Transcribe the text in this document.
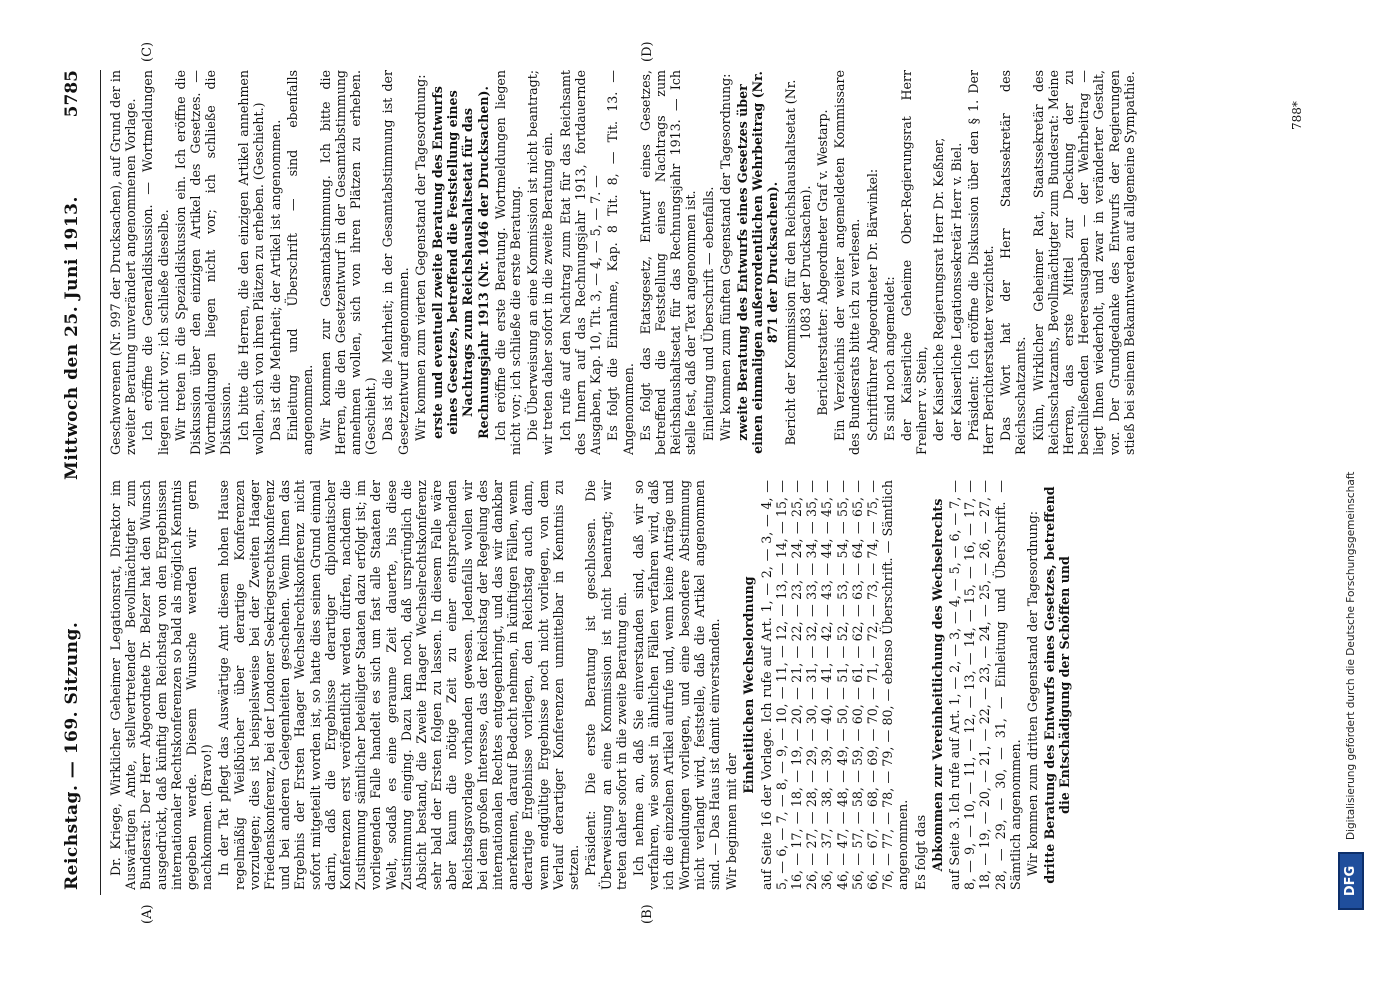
Reichstag. — 169. Sitzung.
Mittwoch den 25. Juni 1913.
5785
(A)	(B)
(C)	(D)

Dr. Kriege, Wirklicher Geheimer Legationsrat, Direktor im Auswärtigen Amte, stellvertretender Bevollmächtigter zum Bundesrat: Der Herr Abgeordnete Dr. Belzer hat den Wunsch ausgedrückt, daß künftig dem Reichstag von den Ergebnissen internationaler Rechtskonferenzen so bald als möglich Kenntnis gegeben werde. Diesem Wunsche werden wir gern nachkommen. (Bravo!) In der Tat pflegt das Auswärtige Amt diesem hohen Hause regelmäßig Weißbücher über derartige Konferenzen vorzulegen; dies ist beispielsweise bei der Zweiten Haager Friedenskonferenz, bei der Londoner Seekriegsrechtskonferenz und bei anderen Gelegenheiten geschehen. Wenn Ihnen das Ergebnis der Ersten Haager Wechselrechtskonferenz nicht sofort mitgeteilt worden ist, so hatte dies seinen Grund einmal darin, daß die Ergebnisse derartiger diplomatischer Konferenzen erst veröffentlicht werden dürfen, nachdem die Zustimmung sämtlicher beteiligter Staaten dazu erfolgt ist; im vorliegenden Falle handelt es sich um fast alle Staaten der Welt, sodaß es eine geraume Zeit dauerte, bis diese Zustimmung einging. Dazu kam noch, daß ursprünglich die Absicht bestand, die Zweite Haager Wechselrechtskonferenz sehr bald der Ersten folgen zu lassen. In diesem Falle wäre aber kaum die nötige Zeit zu einer entsprechenden Reichstagsvorlage vorhanden gewesen. Jedenfalls wollen wir bei dem großen Interesse, das der Reichstag der Regelung des internationalen Rechtes entgegenbringt, und das wir dankbar anerkennen, darauf Bedacht nehmen, in künftigen Fällen, wenn derartige Ergebnisse vorliegen, den Reichstag auch dann, wenn endgültige Ergebnisse noch nicht vorliegen, von dem Verlauf derartiger Konferenzen unmittelbar in Kenntnis zu setzen. Präsident: Die erste Beratung ist geschlossen. Die Überweisung an eine Kommission ist nicht beantragt; wir treten daher sofort in die zweite Beratung ein. Ich nehme an, daß Sie einverstanden sind, daß wir so verfahren, wie sonst in ähnlichen Fällen verfahren wird, daß ich die einzelnen Artikel aufrufe und, wenn keine Anträge und Wortmeldungen vorliegen, und eine besondere Abstimmung nicht verlangt wird, feststelle, daß die Artikel angenommen sind. — Das Haus ist damit einverstanden. Wir beginnen mit der

Einheitlichen Wechselordnung auf Seite 16 der Vorlage. Ich rufe auf Art. 1, — 2, — 3, — 4, — 5, — 6, — 7, — 8, — 9, — 10, — 11, — 12, — 13, — 14, — 15, — 16, — 17, — 18, — 19, — 20, — 21, — 22, — 23, — 24, — 25, — 26, — 27, — 28, — 29, — 30, — 31, — 32, — 33, — 34, — 35, — 36, — 37, — 38, — 39, — 40, — 41, — 42, — 43, — 44, — 45, — 46, — 47, — 48, — 49, — 50, — 51, — 52, — 53, — 54, — 55, — 56, — 57, — 58, — 59, — 60, — 61, — 62, — 63, — 64, — 65, — 66, — 67, — 68, — 69, — 70, — 71, — 72, — 73, — 74, — 75, — 76, — 77, — 78, — 79, — 80, — ebenso Überschrift. — Sämtlich angenommen. Es folgt das Abkommen zur Vereinheitlichung des Wechselrechts auf Seite 3. Ich rufe auf Art. 1, — 2, — 3, — 4, — 5, — 6, — 7, — 8, — 9, — 10, — 11, — 12, — 13, — 14, — 15, — 16, — 17, — 18, — 19, — 20, — 21, — 22, — 23, — 24, — 25, — 26, — 27, — 28, — 29, — 30, — 31, — Einleitung und Überschrift. — Sämtlich angenommen. Wir kommen zum dritten Gegenstand der Tagesordnung: dritte Beratung des Entwurfs eines Gesetzes, betreffend die Entschädigung der Schöffen und

Geschworenen (Nr. 997 der Drucksachen), auf Grund der in zweiter Beratung unverändert angenommenen Vorlage. Ich eröffne die Generaldiskussion. — Wortmeldungen liegen nicht vor; ich schließe dieselbe. Wir treten in die Spezialdiskussion ein. Ich eröffne die Diskussion über den einzigen Artikel des Gesetzes. — Wortmeldungen liegen nicht vor; ich schließe die Diskussion. Ich bitte die Herren, die den einzigen Artikel annehmen wollen, sich von ihren Plätzen zu erheben. (Geschieht.) Das ist die Mehrheit; der Artikel ist angenommen. Einleitung und Überschrift — sind ebenfalls angenommen. Wir kommen zur Gesamtabstimmung. Ich bitte die Herren, die den Gesetzentwurf in der Gesamtabstimmung annehmen wollen, sich von ihren Plätzen zu erheben. (Geschieht.) Das ist die Mehrheit; in der Gesamtabstimmung ist der Gesetzentwurf angenommen. Wir kommen zum vierten Gegenstand der Tagesordnung: erste und eventuell zweite Beratung des Entwurfs eines Gesetzes, betreffend die Feststellung eines Nachtrags zum Reichshaushaltsetat für das Rechnungsjahr 1913 (Nr. 1046 der Drucksachen). Ich eröffne die erste Beratung. Wortmeldungen liegen nicht vor; ich schließe die erste Beratung. Die Überweisung an eine Kommission ist nicht beantragt; wir treten daher sofort in die zweite Beratung ein. Ich rufe auf den Nachtrag zum Etat für das Reichsamt des Innern auf das Rechnungsjahr 1913, fortdauernde Ausgaben, Kap. 10, Tit. 3, — 4, — 5, — 7. — Es folgt die Einnahme, Kap. 8 Tit. 8, — Tit. 13. — Angenommen. Es folgt das Etatsgesetz, Entwurf eines Gesetzes, betreffend die Feststellung eines Nachtrags zum Reichshaushaltsetat für das Rechnungsjahr 1913. — Ich stelle fest, daß der Text angenommen ist. Einleitung und Überschrift — ebenfalls. Wir kommen zum fünften Gegenstand der Tagesordnung: zweite Beratung des Entwurfs eines Gesetzes über einen einmaligen außerordentlichen Wehrbeitrag (Nr. 871 der Drucksachen). Bericht der Kommission für den Reichshaushaltsetat (Nr. 1083 der Drucksachen). Berichterstatter: Abgeordneter Graf v. Westarp. Ein Verzeichnis der weiter angemeldeten Kommissare des Bundesrats bitte ich zu verlesen. Schriftführer Abgeordneter Dr. Bärwinkel: Es sind noch angemeldet: der Kaiserliche Geheime Ober-Regierungsrat Herr Freiherr v. Stein, der Kaiserliche Regierungsrat Herr Dr. Keßner, der Kaiserliche Legationssekretär Herr v. Biel. Präsident: Ich eröffne die Diskussion über den § 1. Der Herr Berichterstatter verzichtet. Das Wort hat der Herr Staatssekretär des Reichsschatzamts. Kühn, Wirklicher Geheimer Rat, Staatssekretär des Reichsschatzamts, Bevollmächtigter zum Bundesrat: Meine Herren, das erste Mittel zur Deckung der zu beschließenden Heeresausgaben — der Wehrbeitrag — liegt Ihnen wiederholt, und zwar in veränderter Gestalt, vor. Der Grundgedanke des Entwurfs der Regierungen stieß bei seinem Bekanntwerden auf allgemeine Sympathie.	788*
DFG
Digitalisierung gefördert durch die Deutsche Forschungsgemeinschaft
